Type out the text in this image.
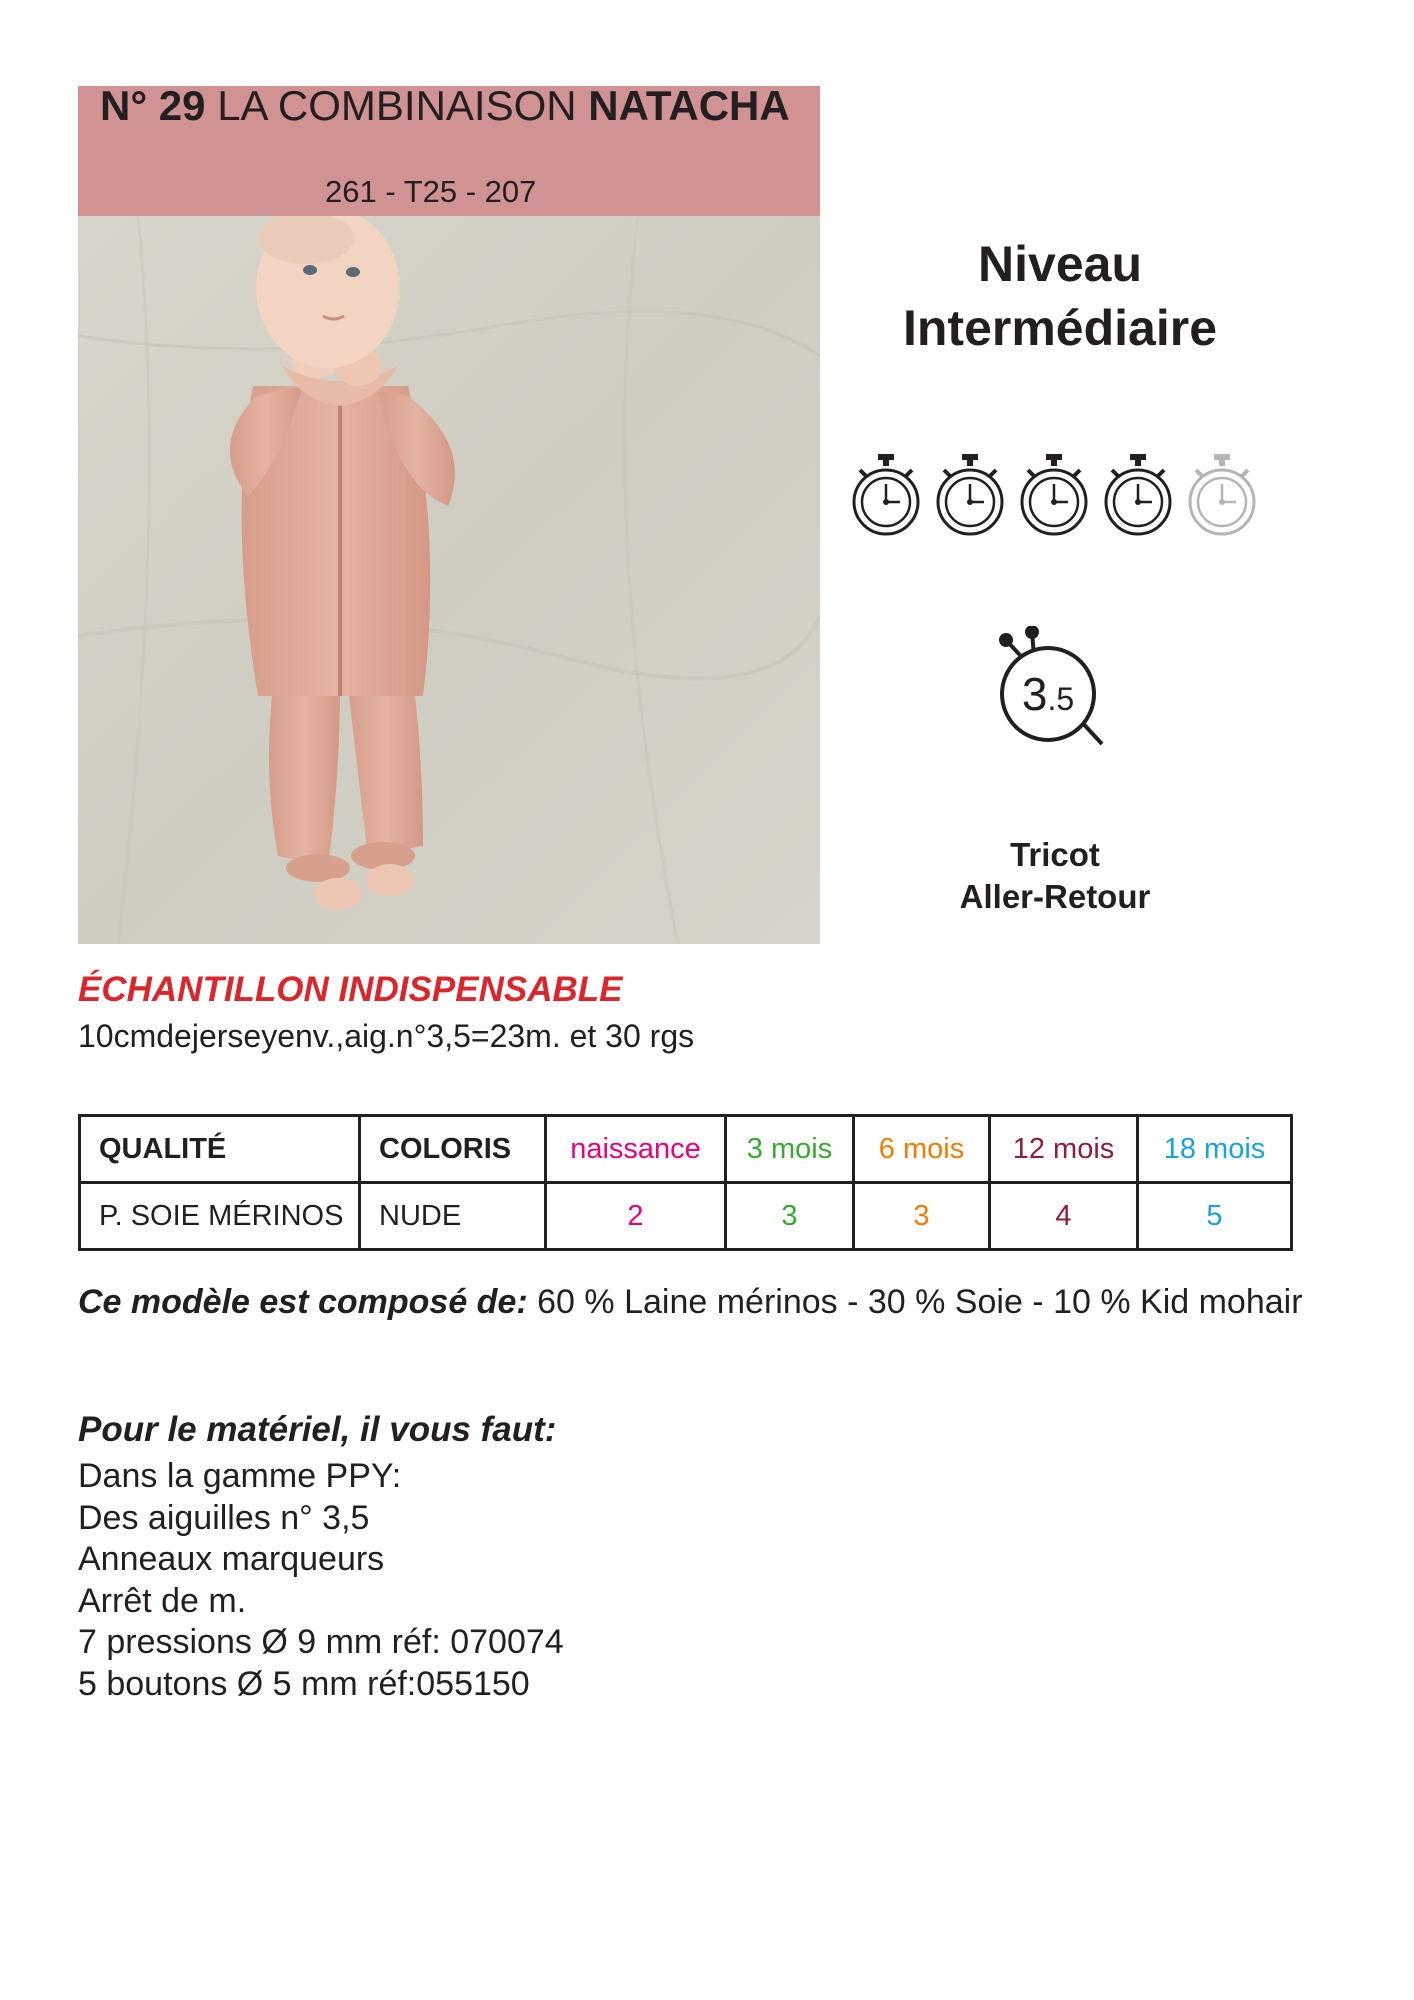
N° 29 LA COMBINAISON NATACHA
261 - T25 - 207
Niveau
Intermédiaire
3.5
Tricot
Aller-Retour
ÉCHANTILLON INDISPENSABLE
10cmdejerseyenv.,aig.n°3,5=23m. et 30 rgs
QUALITÉ	COLORIS	naissance	3 mois	6 mois	12 mois	18 mois
P. SOIE MÉRINOS	NUDE	2	3	3	4	5
Ce modèle est composé de: 60 % Laine mérinos - 30 % Soie - 10 % Kid mohair
Pour le matériel, il vous faut:
Dans la gamme PPY:
Des aiguilles n° 3,5
Anneaux marqueurs
Arrêt de m.
7 pressions Ø 9 mm réf: 070074
5 boutons Ø 5 mm réf:055150
